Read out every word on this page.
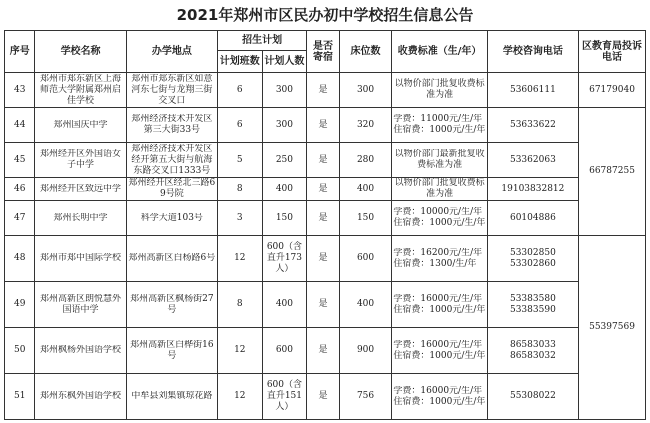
2021年郑州市区民办初中学校招生信息公告
序号	学校名称	办学地点	招生计划		是否寄宿	床位数	收费标准（生/年）	学校咨询电话	区教育局投诉电话
			计划班数	计划人数					
43	郑州市郑东新区上海师范大学附属郑州启佳学校	郑州市郑东新区如意河东七街与龙翔三街交叉口	6	300	是	300	以物价部门批复收费标准为准	53606111	67179040
44	郑州国庆中学	郑州经济技术开发区第三大街33号	6	300	是	320	学费：11000元/生/年
住宿费：1000元/生/年	53633622	66787255
45	郑州经开区外国语女子中学	郑州经济技术开发区经开第五大街与航海东路交叉口1333号	5	250	是	280	以物价部门最新批复收费标准为准	53362063	
46	郑州经开区致远中学	郑州经开区经北三路69号院	8	400	是	400	以物价部门批复收费标准为准	19103832812	
47	郑州长明中学	科学大道103号	3	150	是	150	学费：10000元/生/年
住宿费：1000元/生/年	60104886	
48	郑州市郑中国际学校	郑州高新区白杨路6号	12	600（含直升173人）	是	600	学费：16200元/生/年
住宿费：1300/生/年	53302850
53302860	55397569
49	郑州高新区朗悦慧外国语中学	郑州高新区枫杨街27号	8	400	是	400	学费：16000元/生/年
住宿费：1000元/生/年	53383580
53383590	
50	郑州枫杨外国语学校	郑州高新区白桦街16号	12	600	是	900	学费：16000元/生/年
住宿费：1000元/生/年	86583033
86583032	
51	郑州东枫外国语学校	中牟县刘集镇琼花路	12	600（含直升151人）	是	756	学费：16000元/生/年
住宿费：1000元/生/年	55308022	
